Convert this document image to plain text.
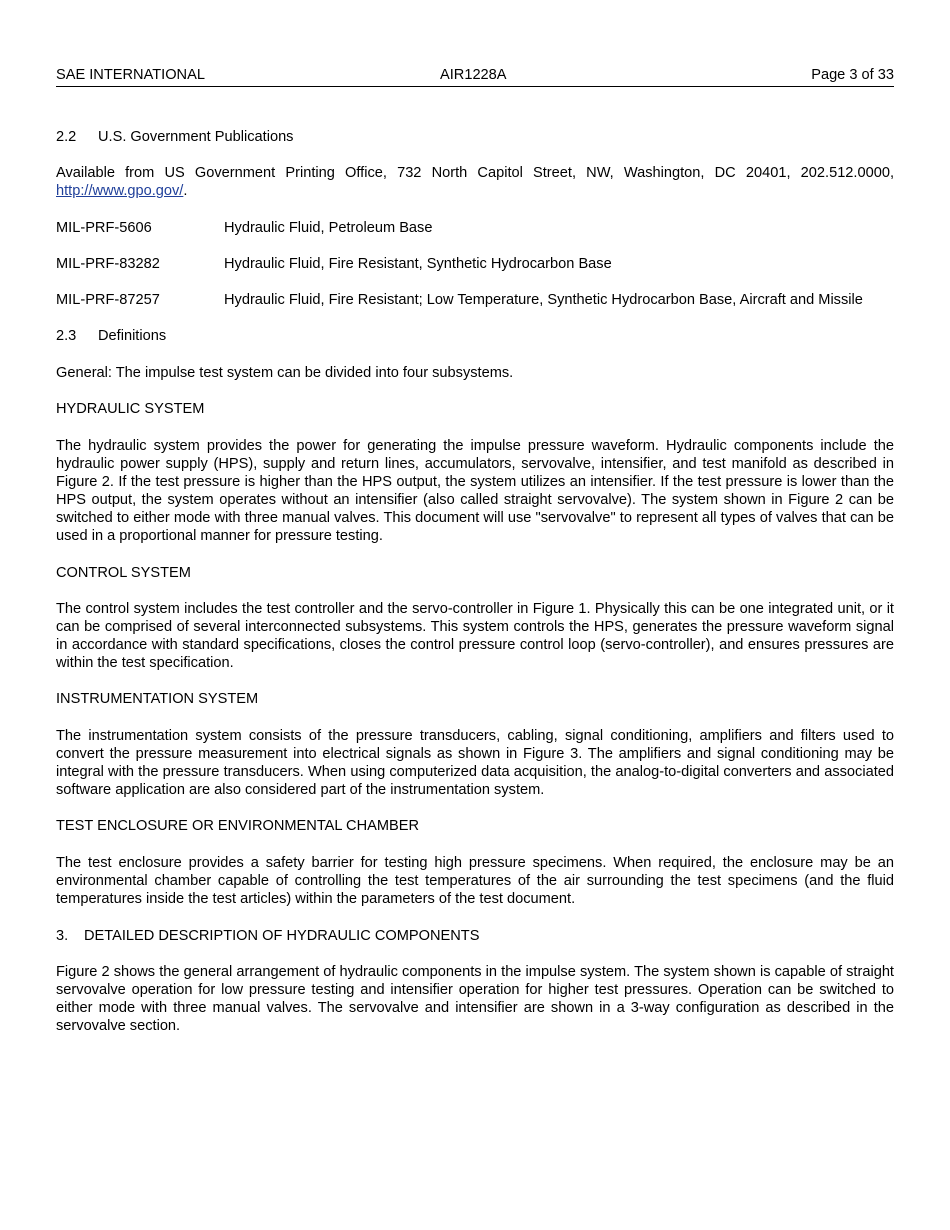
SAE INTERNATIONAL	AIR1228A	Page 3 of 33
2.2	U.S. Government Publications

Available from US Government Printing Office, 732 North Capitol Street, NW, Washington, DC 20401, 202.512.0000, http://www.gpo.gov/.

MIL-PRF-5606	Hydraulic Fluid, Petroleum Base
MIL-PRF-83282	Hydraulic Fluid, Fire Resistant, Synthetic Hydrocarbon Base
MIL-PRF-87257	Hydraulic Fluid, Fire Resistant; Low Temperature, Synthetic Hydrocarbon Base, Aircraft and Missile
2.3	Definitions

General: The impulse test system can be divided into four subsystems.

HYDRAULIC SYSTEM

The hydraulic system provides the power for generating the impulse pressure waveform. Hydraulic components include the hydraulic power supply (HPS), supply and return lines, accumulators, servovalve, intensifier, and test manifold as described in Figure 2. If the test pressure is higher than the HPS output, the system utilizes an intensifier. If the test pressure is lower than the HPS output, the system operates without an intensifier (also called straight servovalve). The system shown in Figure 2 can be switched to either mode with three manual valves. This document will use "servovalve" to represent all types of valves that can be used in a proportional manner for pressure testing.

CONTROL SYSTEM

The control system includes the test controller and the servo-controller in Figure 1. Physically this can be one integrated unit, or it can be comprised of several interconnected subsystems. This system controls the HPS, generates the pressure waveform signal in accordance with standard specifications, closes the control pressure control loop (servo-controller), and ensures pressures are within the test specification.

INSTRUMENTATION SYSTEM

The instrumentation system consists of the pressure transducers, cabling, signal conditioning, amplifiers and filters used to convert the pressure measurement into electrical signals as shown in Figure 3. The amplifiers and signal conditioning may be integral with the pressure transducers. When using computerized data acquisition, the analog-to-digital converters and associated software application are also considered part of the instrumentation system.

TEST ENCLOSURE OR ENVIRONMENTAL CHAMBER

The test enclosure provides a safety barrier for testing high pressure specimens. When required, the enclosure may be an environmental chamber capable of controlling the test temperatures of the air surrounding the test specimens (and the fluid temperatures inside the test articles) within the parameters of the test document.

3.	DETAILED DESCRIPTION OF HYDRAULIC COMPONENTS

Figure 2 shows the general arrangement of hydraulic components in the impulse system. The system shown is capable of straight servovalve operation for low pressure testing and intensifier operation for higher test pressures. Operation can be switched to either mode with three manual valves. The servovalve and intensifier are shown in a 3-way configuration as described in the servovalve section.
